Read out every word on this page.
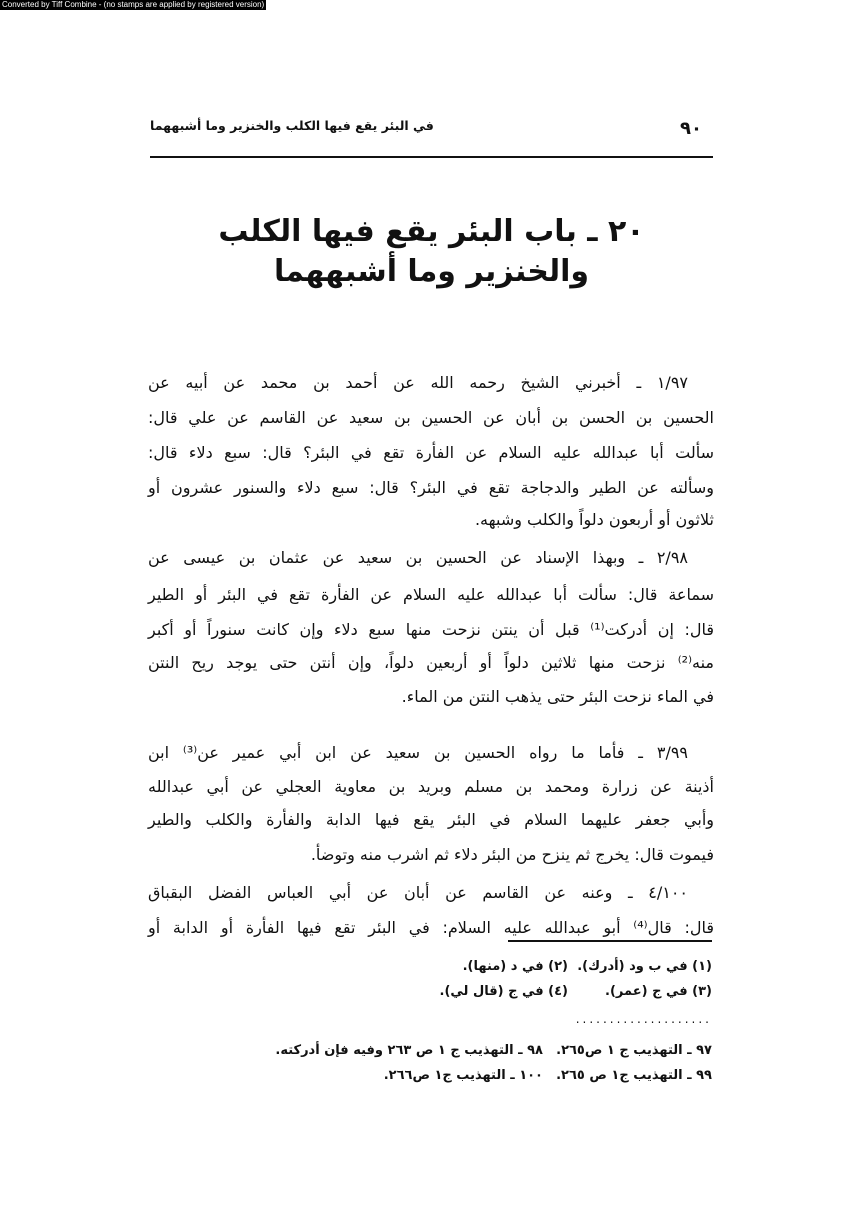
Converted by Tiff Combine - (no stamps are applied by registered version)
٩٠
في البئر يقع فيها الكلب والخنزير وما أشبههما
٢٠ ـ باب البئر يقع فيها الكلب
والخنزير وما أشبههما
١/٩٧ ـ أخبرني الشيخ رحمه الله عن أحمد بن محمد عن أبيه عن
الحسين بن الحسن بن أبان عن الحسين بن سعيد عن القاسم عن علي قال:
سألت أبا عبدالله عليه السلام عن الفأرة تقع في البئر؟ قال: سبع دلاء قال:
وسألته عن الطير والدجاجة تقع في البئر؟ قال: سبع دلاء والسنور عشرون أو
ثلاثون أو أربعون دلواً والكلب وشبهه.
٢/٩٨ ـ وبهذا الإسناد عن الحسين بن سعيد عن عثمان بن عيسى عن
سماعة قال: سألت أبا عبدالله عليه السلام عن الفأرة تقع في البئر أو الطير
قال: إن أدركت⁽¹⁾ قبل أن ينتن نزحت منها سبع دلاء وإن كانت سنوراً أو أكبر
منه⁽²⁾ نزحت منها ثلاثين دلواً أو أربعين دلواً، وإن أنتن حتى يوجد ريح النتن
في الماء نزحت البئر حتى يذهب النتن من الماء.
٣/٩٩ ـ فأما ما رواه الحسين بن سعيد عن ابن أبي عمير عن⁽³⁾ ابن
أذينة عن زرارة ومحمد بن مسلم وبريد بن معاوية العجلي عن أبي عبدالله
وأبي جعفر عليهما السلام في البئر يقع فيها الدابة والفأرة والكلب والطير
فيموت قال: يخرج ثم ينزح من البئر دلاء ثم اشرب منه وتوضأ.
٤/١٠٠ ـ وعنه عن القاسم عن أبان عن أبي العباس الفضل البقباق
قال: قال⁽⁴⁾ أبو عبدالله عليه السلام: في البئر تقع فيها الفأرة أو الدابة أو
(١) في ب ود (أدرك).
(٢) في د (منها).
(٣) في ج (عمر).
(٤) في ج (قال لي).
....................
٩٧ ـ التهذيب ج ١ ص٢٦٥.
٩٨ ـ التهذيب ج ١ ص ٢٦٣ وفيه فإن أدركته.
٩٩ ـ التهذيب ج١ ص ٢٦٥.
١٠٠ ـ التهذيب ج١ ص٢٦٦.
